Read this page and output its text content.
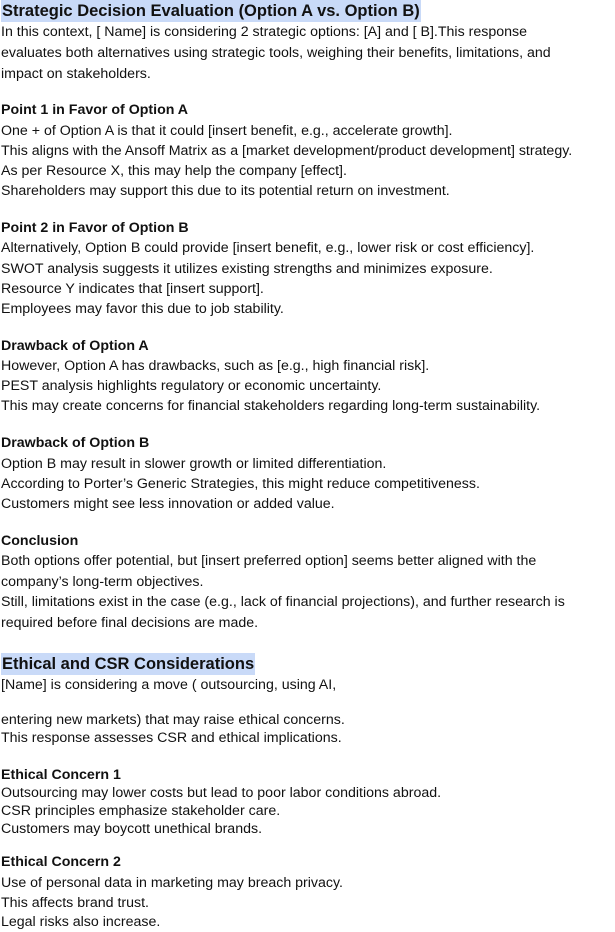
Strategic Decision Evaluation (Option A vs. Option B)
In this context, [ Name] is considering 2 strategic options: [A] and [ B].This response
evaluates both alternatives using strategic tools, weighing their benefits, limitations, and
impact on stakeholders.
Point 1 in Favor of Option A
One + of Option A is that it could [insert benefit, e.g., accelerate growth].
This aligns with the Ansoff Matrix as a [market development/product development] strategy.
As per Resource X, this may help the company [effect].
Shareholders may support this due to its potential return on investment.
Point 2 in Favor of Option B
Alternatively, Option B could provide [insert benefit, e.g., lower risk or cost efficiency].
SWOT analysis suggests it utilizes existing strengths and minimizes exposure.
Resource Y indicates that [insert support].
Employees may favor this due to job stability.
Drawback of Option A
However, Option A has drawbacks, such as [e.g., high financial risk].
PEST analysis highlights regulatory or economic uncertainty.
This may create concerns for financial stakeholders regarding long-term sustainability.
Drawback of Option B
Option B may result in slower growth or limited differentiation.
According to Porter’s Generic Strategies, this might reduce competitiveness.
Customers might see less innovation or added value.
Conclusion
Both options offer potential, but [insert preferred option] seems better aligned with the
company’s long-term objectives.
Still, limitations exist in the case (e.g., lack of financial projections), and further research is
required before final decisions are made.
Ethical and CSR Considerations
[Name] is considering a move ( outsourcing, using AI,
entering new markets) that may raise ethical concerns.
This response assesses CSR and ethical implications.
Ethical Concern 1
Outsourcing may lower costs but lead to poor labor conditions abroad.
CSR principles emphasize stakeholder care.
Customers may boycott unethical brands.
Ethical Concern 2
Use of personal data in marketing may breach privacy.
This affects brand trust.
Legal risks also increase.
